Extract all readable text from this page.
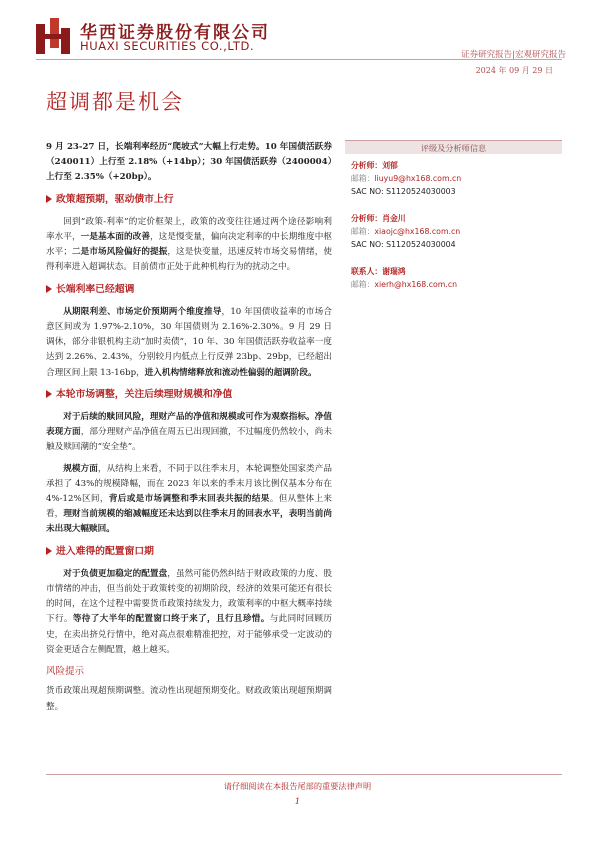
华西证券股份有限公司
HUAXI SECURITIES CO.,LTD.
证券研究报告|宏观研究报告
2024 年 09 月 29 日
超调都是机会

9 月 23-27 日，长端利率经历“爬坡式”大幅上行走势。10 年国债活跃券（240011）上行至 2.18%（+14bp）；30 年国债活跃券（2400004）上行至 2.35%（+20bp）。

政策超预期，驱动债市上行

回到“政策-利率”的定价框架上，政策的改变往往通过两个途径影响利率水平，一是基本面的改善，这是慢变量，偏向决定利率的中长期维度中枢水平；二是市场风险偏好的提振，这是快变量，迅速反转市场交易情绪，使得利率进入超调状态。目前债市正处于此种机构行为的扰动之中。

长端利率已经超调

从期限利差、市场定价预期两个维度推导，10 年国债收益率的市场合意区间或为 1.97%-2.10%，30 年国债则为 2.16%-2.30%。9 月 29 日调休，部分非银机构主动“加时卖债”，10 年、30 年国债活跃券收益率一度达到 2.26%、2.43%，分别较月内低点上行反弹 23bp、29bp，已经超出合理区间上限 13-16bp，进入机构情绪释放和流动性偏弱的超调阶段。

本轮市场调整，关注后续理财规模和净值

对于后续的赎回风险，理财产品的净值和规模或可作为观察指标。净值表现方面，部分理财产品净值在周五已出现回撤，不过幅度仍然较小，尚未触及赎回潮的“安全垫”。

规模方面，从结构上来看，不同于以往季末月，本轮调整处国家类产品承担了 43%的规模降幅，而在 2023 年以来的季末月该比例仅基本分布在 4%-12%区间，背后或是市场调整和季末回表共振的结果。但从整体上来看，理财当前规模的缩减幅度还未达到以往季末月的回表水平，表明当前尚未出现大幅赎回。

进入难得的配置窗口期

对于负债更加稳定的配置盘，虽然可能仍然纠结于财政政策的力度、股市情绪的冲击，但当前处于政策转变的初期阶段，经济的效果可能还有很长的时间，在这个过程中需要货币政策持续发力，政策利率的中枢大概率持续下行。等待了大半年的配置窗口终于来了，且行且珍惜。与此同时回顾历史，在卖出挤兑行情中，绝对高点很难精准把控，对于能够承受一定波动的资金更适合左侧配置，越上越买。

风险提示

货币政策出现超预期调整。流动性出现超预期变化。财政政策出现超预期调整。

评级及分析师信息
分析师：刘郁
邮箱：liuyu9@hx168.com.cn
SAC NO: S1120524030003
分析师：肖金川
邮箱：xiaojc@hx168.com.cn
SAC NO: S1120524030004
联系人：谢瑞鸿
邮箱：xierh@hx168.com.cn
请仔细阅读在本报告尾部的重要法律声明
1
